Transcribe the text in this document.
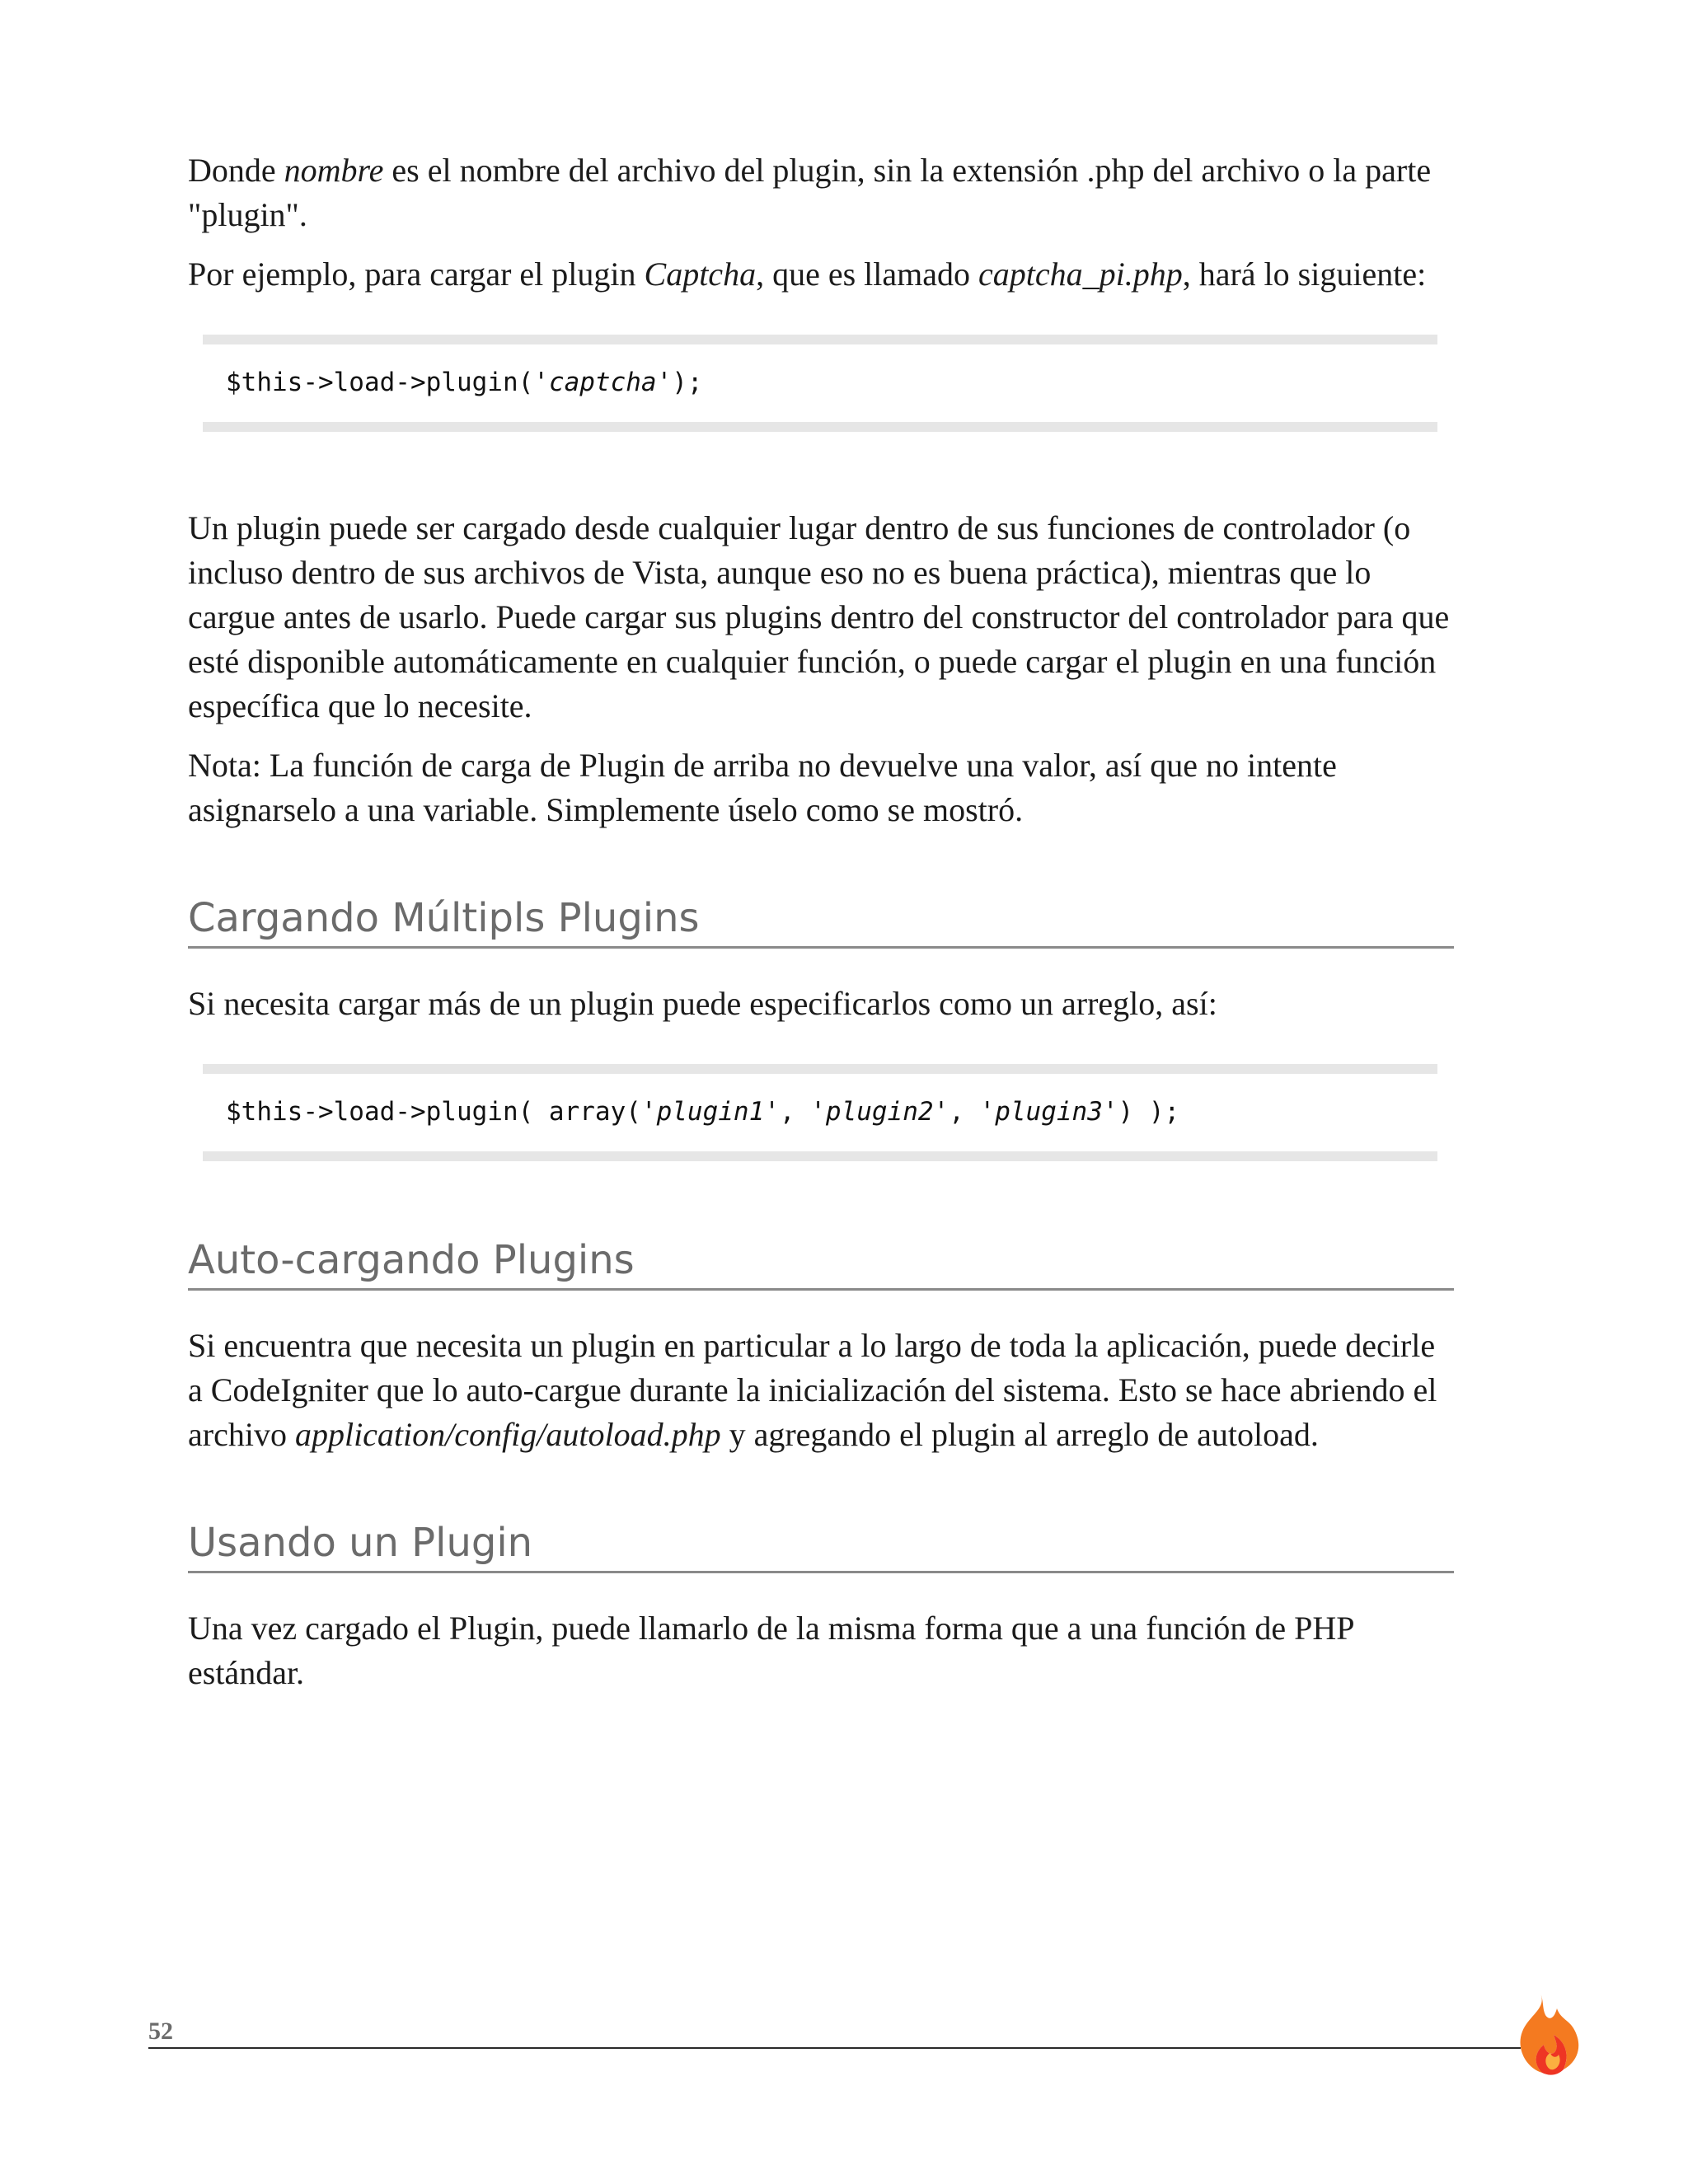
Donde nombre es el nombre del archivo del plugin, sin la extensión .php del archivo o la parte "plugin".

Por ejemplo, para cargar el plugin Captcha, que es llamado captcha_pi.php, hará lo siguiente:

$this->load->plugin('captcha');

Un plugin puede ser cargado desde cualquier lugar dentro de sus funciones de controlador (o incluso dentro de sus archivos de Vista, aunque eso no es buena práctica), mientras que lo cargue antes de usarlo. Puede cargar sus plugins dentro del constructor del controlador para que esté disponible automáticamente en cualquier función, o puede cargar el plugin en una función específica que lo necesite.

Nota: La función de carga de Plugin de arriba no devuelve una valor, así que no intente asignarselo a una variable. Simplemente úselo como se mostró.

Cargando Múltipls Plugins

Si necesita cargar más de un plugin puede especificarlos como un arreglo, así:

$this->load->plugin( array('plugin1', 'plugin2', 'plugin3') );
Auto-cargando Plugins

Si encuentra que necesita un plugin en particular a lo largo de toda la aplicación, puede decirle a CodeIgniter que lo auto-cargue durante la inicialización del sistema. Esto se hace abriendo el archivo application/config/autoload.php y agregando el plugin al arreglo de autoload.

Usando un Plugin

Una vez cargado el Plugin, puede llamarlo de la misma forma que a una función de PHP estándar.

52
